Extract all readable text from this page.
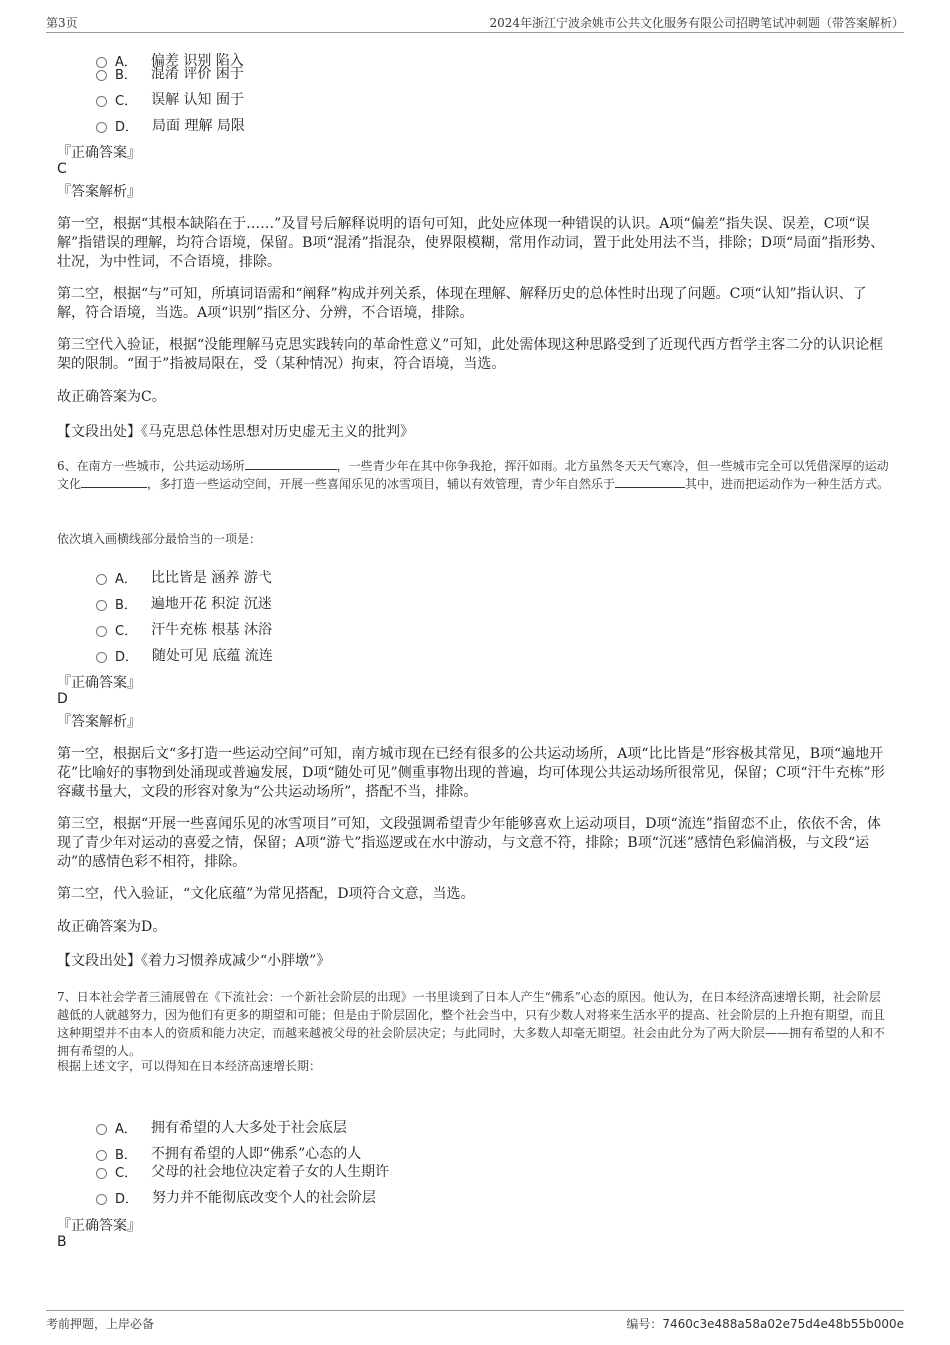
第3页	2024年浙江宁波余姚市公共文化服务有限公司招聘笔试冲刺题（带答案解析）
A． 偏差 识别 陷入
B． 混淆 评价 困于
C． 误解 认知 囿于
D． 局面 理解 局限
『正确答案』
C
『答案解析』
第一空，根据“其根本缺陷在于……”及冒号后解释说明的语句可知，此处应体现一种错误的认识。A项“偏差”指失误、误差，C项“误解”指错误的理解，均符合语境，保留。B项“混淆”指混杂，使界限模糊，常用作动词，置于此处用法不当，排除；D项“局面”指形势、壮况，为中性词，不合语境，排除。
第二空，根据“与”可知，所填词语需和“阐释”构成并列关系，体现在理解、解释历史的总体性时出现了问题。C项“认知”指认识、了解，符合语境，当选。A项“识别”指区分、分辨，不合语境，排除。
第三空代入验证，根据“没能理解马克思实践转向的革命性意义”可知，此处需体现这种思路受到了近现代西方哲学主客二分的认识论框架的限制。“囿于”指被局限在，受（某种情况）拘束，符合语境，当选。
故正确答案为C。
【文段出处】《马克思总体性思想对历史虚无主义的批判》
6、在南方一些城市，公共运动场所	，一些青少年在其中你争我抢，挥汗如雨。北方虽然冬天天气寒冷，但一些城市完全可以凭借深厚的运动文化	，多打造一些运动空间，开展一些喜闻乐见的冰雪项目，辅以有效管理，青少年自然乐于	其中，进而把运动作为一种生活方式。
依次填入画横线部分最恰当的一项是：
A． 比比皆是 涵养 游弋
B． 遍地开花 积淀 沉迷
C． 汗牛充栋 根基 沐浴
D． 随处可见 底蕴 流连
『正确答案』
D
『答案解析』
第一空，根据后文“多打造一些运动空间”可知，南方城市现在已经有很多的公共运动场所，A项“比比皆是”形容极其常见，B项“遍地开花”比喻好的事物到处涌现或普遍发展，D项“随处可见”侧重事物出现的普遍，均可体现公共运动场所很常见，保留；C项“汗牛充栋”形容藏书量大，文段的形容对象为“公共运动场所”，搭配不当，排除。
第三空，根据“开展一些喜闻乐见的冰雪项目”可知，文段强调希望青少年能够喜欢上运动项目，D项“流连”指留恋不止，依依不舍，体现了青少年对运动的喜爱之情，保留；A项“游弋”指巡逻或在水中游动，与文意不符，排除；B项“沉迷”感情色彩偏消极，与文段“运动”的感情色彩不相符，排除。
第二空，代入验证，“文化底蕴”为常见搭配，D项符合文意，当选。
故正确答案为D。
【文段出处】《着力习惯养成减少“小胖墩”》
7、日本社会学者三浦展曾在《下流社会：一个新社会阶层的出现》一书里谈到了日本人产生“佛系”心态的原因。他认为，在日本经济高速增长期，社会阶层越低的人就越努力，因为他们有更多的期望和可能；但是由于阶层固化，整个社会当中，只有少数人对将来生活水平的提高、社会阶层的上升抱有期望，而且这种期望并不由本人的资质和能力决定，而越来越被父母的社会阶层决定；与此同时，大多数人却毫无期望。社会由此分为了两大阶层——拥有希望的人和不拥有希望的人。
根据上述文字，可以得知在日本经济高速增长期：
A． 拥有希望的人大多处于社会底层
B． 不拥有希望的人即“佛系”心态的人
C． 父母的社会地位决定着子女的人生期许
D． 努力并不能彻底改变个人的社会阶层
『正确答案』
B
考前押题，上岸必备	编号：7460c3e488a58a02e75d4e48b55b000e
